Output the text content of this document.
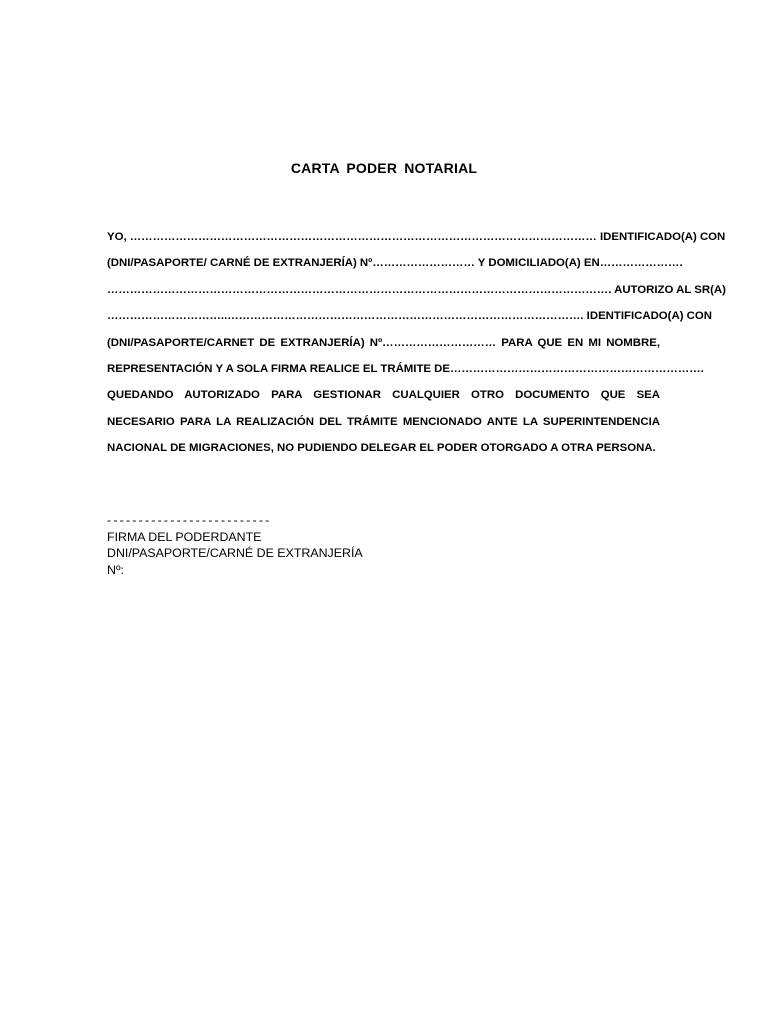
CARTA PODER NOTARIAL
YO, …………………………………………………………………………………………………………… IDENTIFICADO(A) CON
(DNI/PASAPORTE/ CARNÉ DE EXTRANJERÍA) Nº……………………… Y DOMICILIADO(A) EN………………….
……………………………………………………………………………………………………………………. AUTORIZO AL SR(A)
…………………………..…………………………………………………………………………………. IDENTIFICADO(A) CON
(DNI/PASAPORTE/CARNET DE EXTRANJERÍA) Nº………………………… PARA QUE EN MI NOMBRE,
REPRESENTACIÓN Y A SOLA FIRMA REALICE EL TRÁMITE DE………………………………………………………….
QUEDANDO AUTORIZADO PARA GESTIONAR CUALQUIER OTRO DOCUMENTO QUE SEA
NECESARIO PARA LA REALIZACIÓN DEL TRÁMITE MENCIONADO ANTE LA SUPERINTENDENCIA
NACIONAL DE MIGRACIONES, NO PUDIENDO DELEGAR EL PODER OTORGADO A OTRA PERSONA.
--------------------------
FIRMA DEL PODERDANTE
DNI/PASAPORTE/CARNÉ DE EXTRANJERÍA
Nº:
